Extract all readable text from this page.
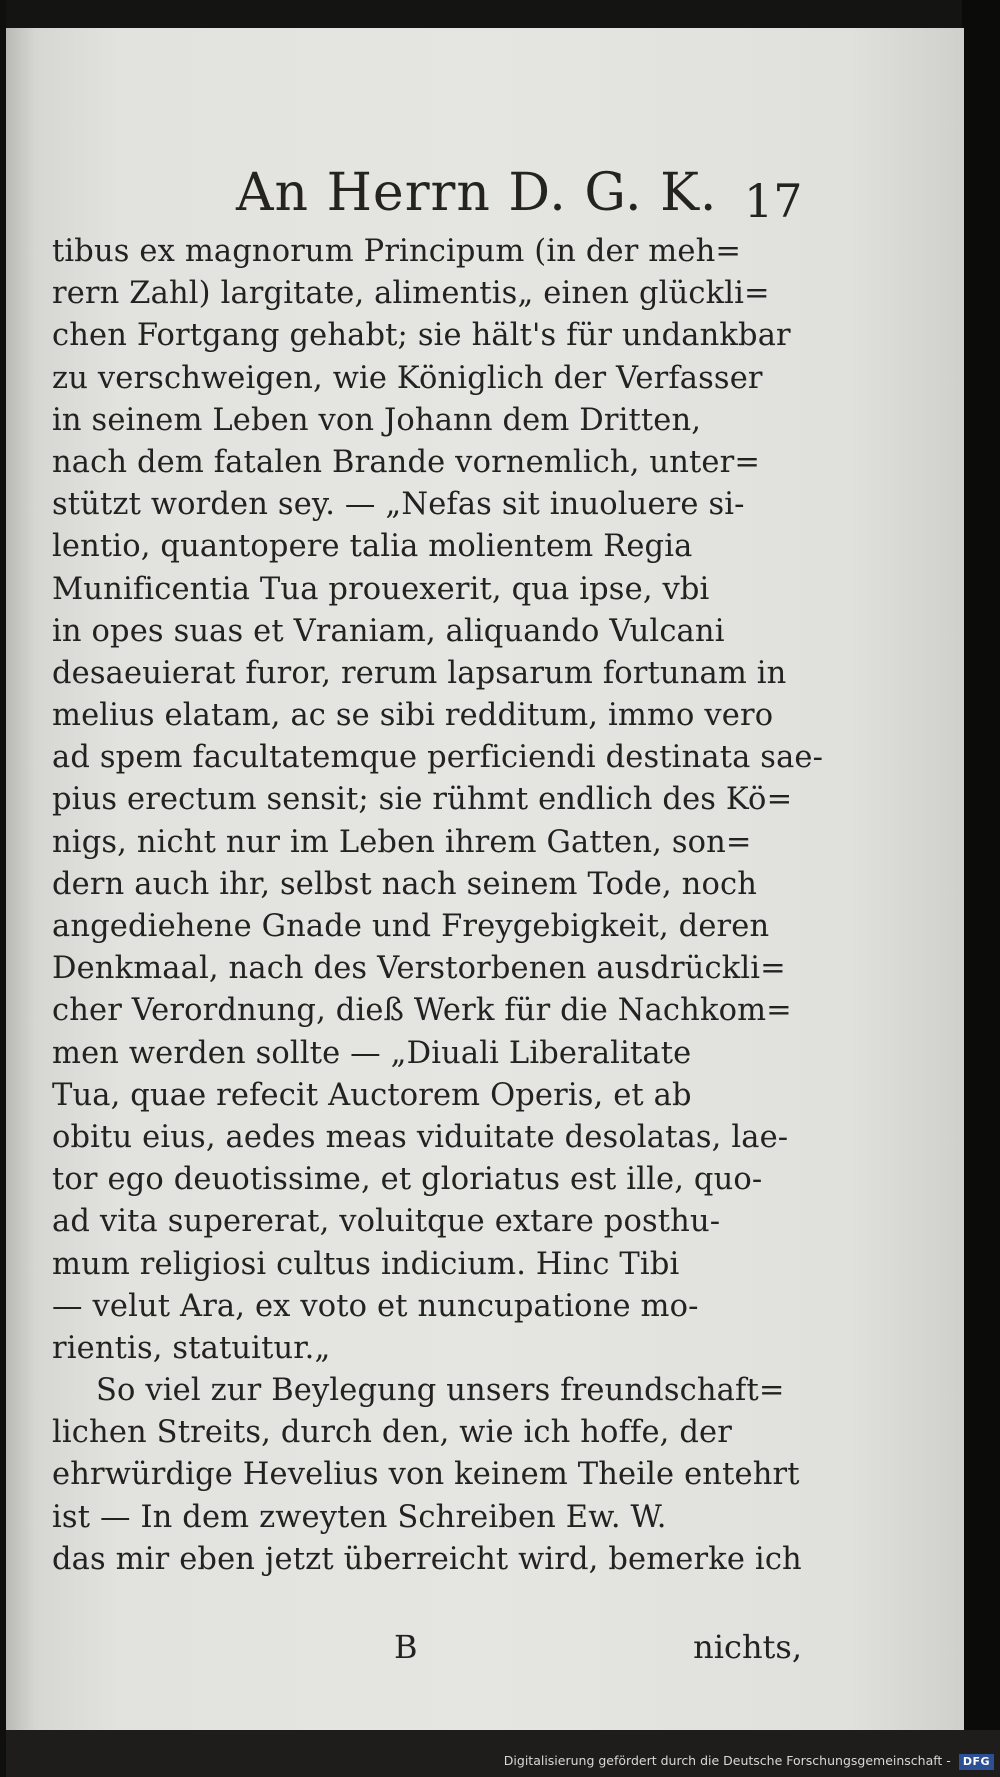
An Herrn D. G. K. 17
tibus ex magnorum Principum (in der meh=
rern Zahl) largitate, alimentis„ einen glückli=
chen Fortgang gehabt; sie hält's für undankbar
zu verschweigen, wie Königlich der Verfasser
in seinem Leben von Johann dem Dritten,
nach dem fatalen Brande vornemlich, unter=
stützt worden sey. — „Nefas sit inuoluere si-
lentio, quantopere talia molientem Regia
Munificentia Tua prouexerit, qua ipse, vbi
in opes suas et Vraniam, aliquando Vulcani
desaeuierat furor, rerum lapsarum fortunam in
melius elatam, ac se sibi redditum, immo vero
ad spem facultatemque perficiendi destinata sae-
pius erectum sensit; sie rühmt endlich des Kö=
nigs, nicht nur im Leben ihrem Gatten, son=
dern auch ihr, selbst nach seinem Tode, noch
angediehene Gnade und Freygebigkeit, deren
Denkmaal, nach des Verstorbenen ausdrückli=
cher Verordnung, dieß Werk für die Nachkom=
men werden sollte — „Diuali Liberalitate
Tua, quae refecit Auctorem Operis, et ab
obitu eius, aedes meas viduitate desolatas, lae-
tor ego deuotissime, et gloriatus est ille, quo-
ad vita supererat, voluitque extare posthu-
mum religiosi cultus indicium. Hinc Tibi
— velut Ara, ex voto et nuncupatione mo-
rientis, statuitur.„
So viel zur Beylegung unsers freundschaft=
lichen Streits, durch den, wie ich hoffe, der
ehrwürdige Hevelius von keinem Theile entehrt
ist — In dem zweyten Schreiben Ew. W.
das mir eben jetzt überreicht wird, bemerke ich
B	nichts,
Digitalisierung gefördert durch die Deutsche Forschungsgemeinschaft - DFG
